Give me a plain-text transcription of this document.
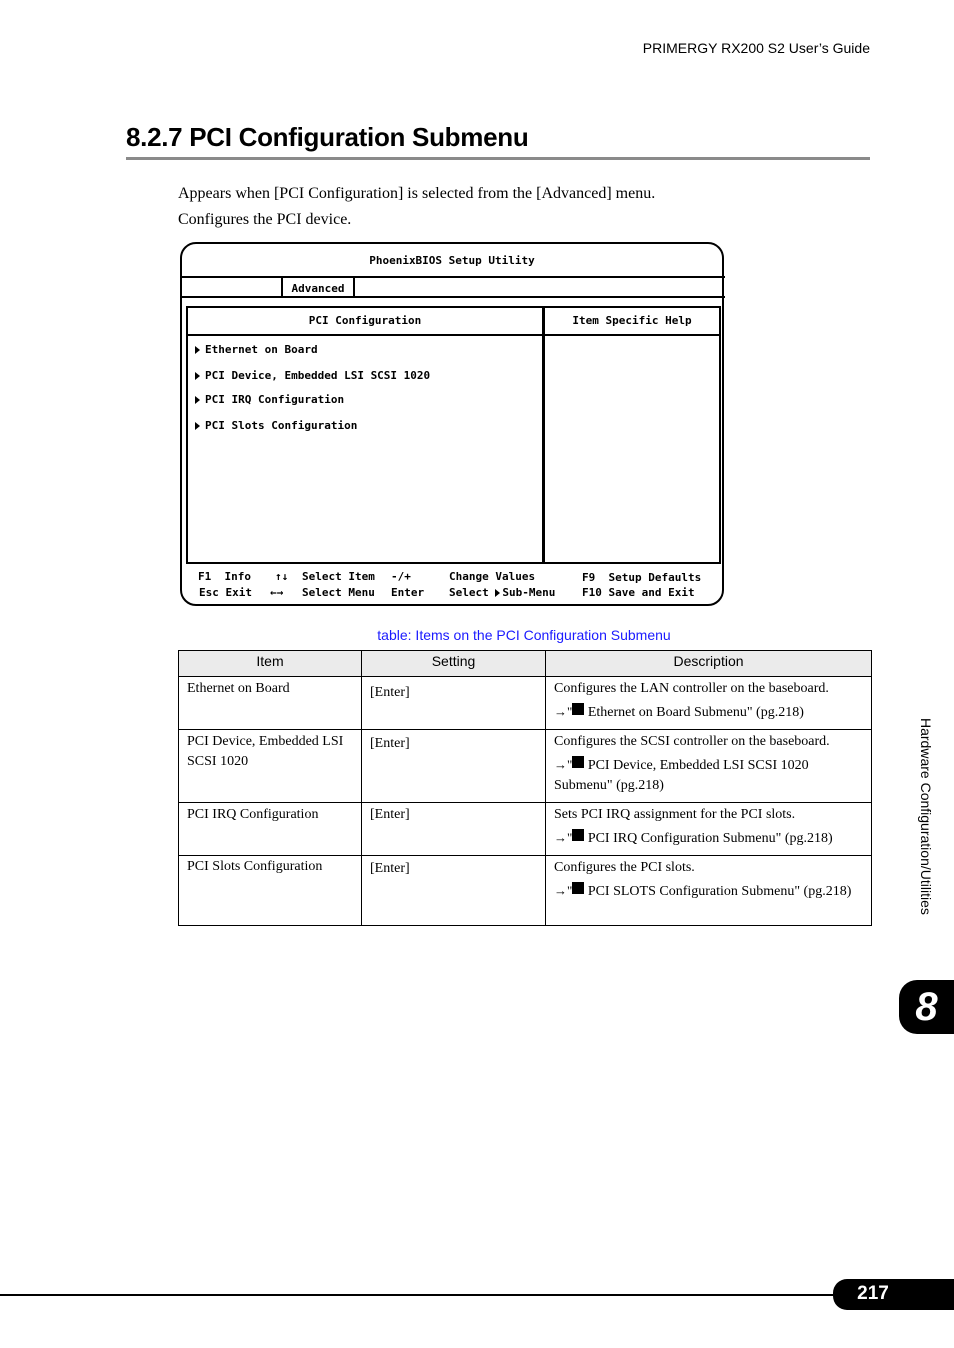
PRIMERGY RX200 S2 User’s Guide
8.2.7 PCI Configuration Submenu
Appears when [PCI Configuration] is selected from the [Advanced] menu.
Configures the PCI device.
PhoenixBIOS Setup Utility
Advanced
PCI Configuration
Ethernet on Board
PCI Device, Embedded LSI SCSI 1020
PCI IRQ Configuration
PCI Slots Configuration
Item Specific Help
F1  Info
Esc Exit
↑↓
←→
Select Item
Select Menu
-/+
Enter
Change Values
Select Sub-Menu
F9  Setup Defaults
F10 Save and Exit
table: Items on the PCI Configuration Submenu
Item	Setting	Description
Ethernet on Board	[Enter]	Configures the LAN controller on the baseboard.
→" Ethernet on Board Submenu" (pg.218)

PCI Device, Embedded LSI SCSI 1020	[Enter]	Configures the SCSI controller on the baseboard.
→" PCI Device, Embedded LSI SCSI 1020 Submenu" (pg.218)

PCI IRQ Configuration	[Enter]	Sets PCI IRQ assignment for the PCI slots.
→" PCI IRQ Configuration Submenu" (pg.218)

PCI Slots Configuration	[Enter]	Configures the PCI slots.
→" PCI SLOTS Configuration Submenu" (pg.218)	Hardware Configuration/Utilities
8
217
